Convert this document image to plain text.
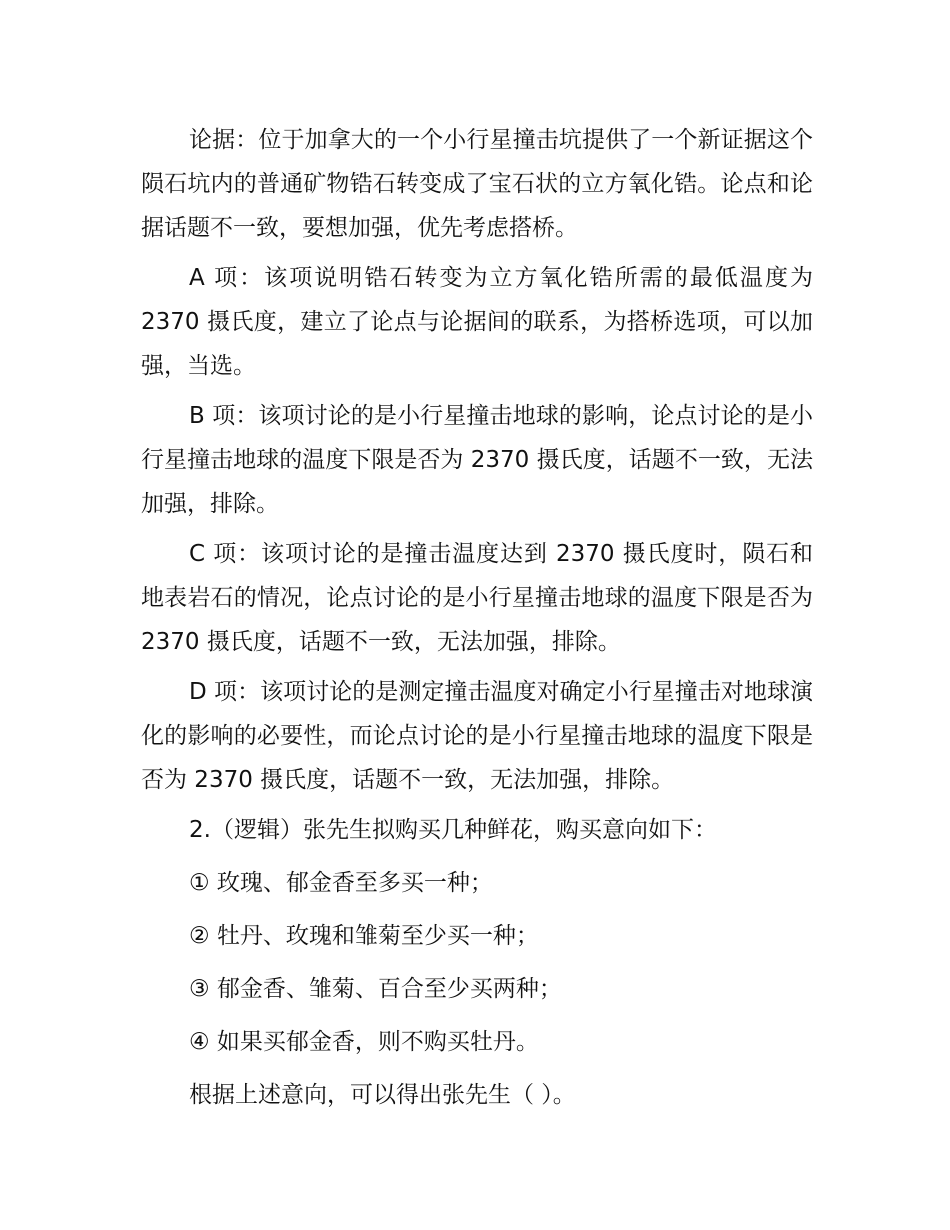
论据：位于加拿大的一个小行星撞击坑提供了一个新证据这个陨石坑内的普通矿物锆石转变成了宝石状的立方氧化锆。论点和论据话题不一致，要想加强，优先考虑搭桥。

A 项：该项说明锆石转变为立方氧化锆所需的最低温度为 2370 摄氏度，建立了论点与论据间的联系，为搭桥选项，可以加强，当选。

B 项：该项讨论的是小行星撞击地球的影响，论点讨论的是小行星撞击地球的温度下限是否为 2370 摄氏度，话题不一致，无法加强，排除。

C 项：该项讨论的是撞击温度达到 2370 摄氏度时，陨石和地表岩石的情况，论点讨论的是小行星撞击地球的温度下限是否为 2370 摄氏度，话题不一致，无法加强，排除。

D 项：该项讨论的是测定撞击温度对确定小行星撞击对地球演化的影响的必要性，而论点讨论的是小行星撞击地球的温度下限是否为 2370 摄氏度，话题不一致，无法加强，排除。

2.（逻辑）张先生拟购买几种鲜花，购买意向如下：

① 玫瑰、郁金香至多买一种；

② 牡丹、玫瑰和雏菊至少买一种；

③ 郁金香、雏菊、百合至少买两种；

④ 如果买郁金香，则不购买牡丹。

根据上述意向，可以得出张先生（ ）。
